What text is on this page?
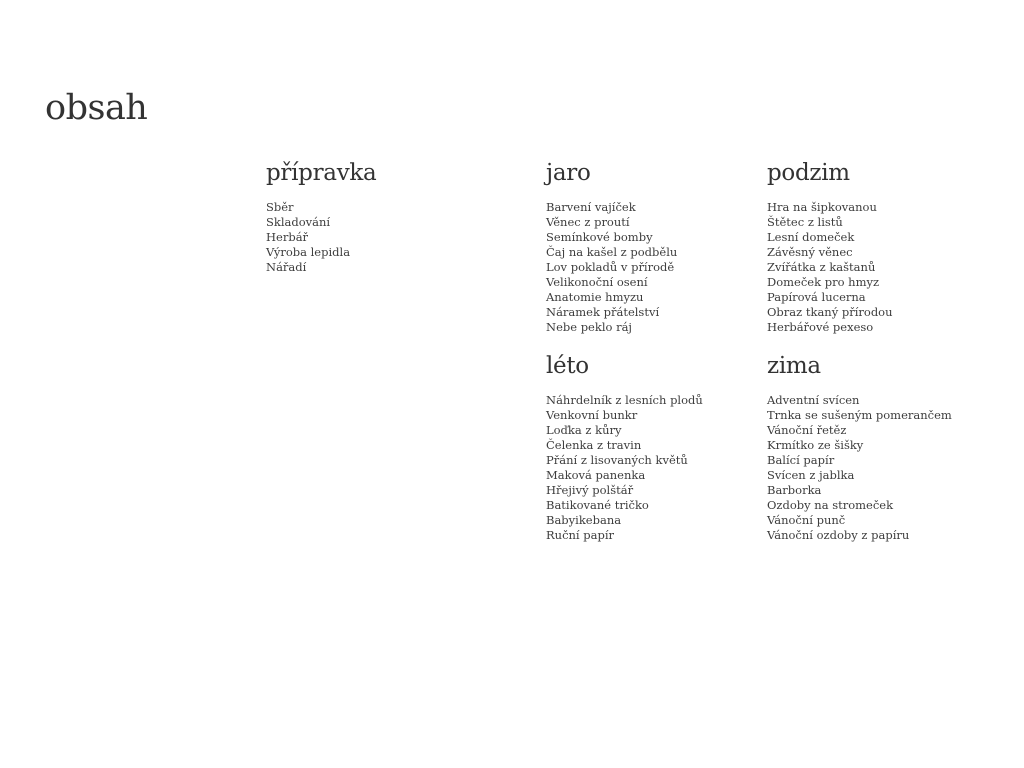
obsah
přípravka
Sběr
Skladování
Herbář
Výroba lepidla
Nářadí
jaro
Barvení vajíček
Věnec z proutí
Semínkové bomby
Čaj na kašel z podbělu
Lov pokladů v přírodě
Velikonoční osení
Anatomie hmyzu
Náramek přátelství
Nebe peklo ráj
podzim
Hra na šipkovanou
Štětec z listů
Lesní domeček
Závěsný věnec
Zvířátka z kaštanů
Domeček pro hmyz
Papírová lucerna
Obraz tkaný přírodou
Herbářové pexeso
léto
Náhrdelník z lesních plodů
Venkovní bunkr
Loďka z kůry
Čelenka z travin
Přání z lisovaných květů
Maková panenka
Hřejivý polštář
Batikované tričko
Babyikebana
Ruční papír
zima
Adventní svícen
Trnka se sušeným pomerančem
Vánoční řetěz
Krmítko ze šišky
Balící papír
Svícen z jablka
Barborka
Ozdoby na stromeček
Vánoční punč
Vánoční ozdoby z papíru
